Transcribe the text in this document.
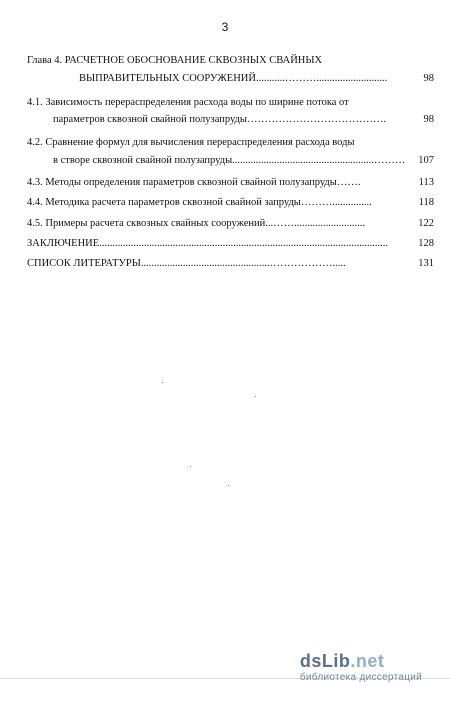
3
Глава 4. РАСЧЕТНОЕ ОБОСНОВАНИЕ СКВОЗНЫХ СВАЙНЫХ
ВЫПРАВИТЕЛЬНЫХ СООРУЖЕНИЙ...........………...........................	98
4.1. Зависимость перераспределения расхода воды по ширине потока от
параметров сквозной свайной полузапруды………………………………….	98
4.2. Сравнение формул для вычисления перераспределения расхода воды
в створе сквозной свайной полузапруды......................................................………	107
4.3. Методы определения параметров сквозной свайной полузапруды…….	113
4.4. Методика расчета параметров сквозной свайной запруды………...............	118
4.5. Примеры расчета сквозных свайных сооружений...……...........................	122
ЗАКЛЮЧЕНИЕ..............................................................................................................	128
СПИСОК ЛИТЕРАТУРЫ.................................................……………….....	131
dsLib.net
библиотека диссертаций
